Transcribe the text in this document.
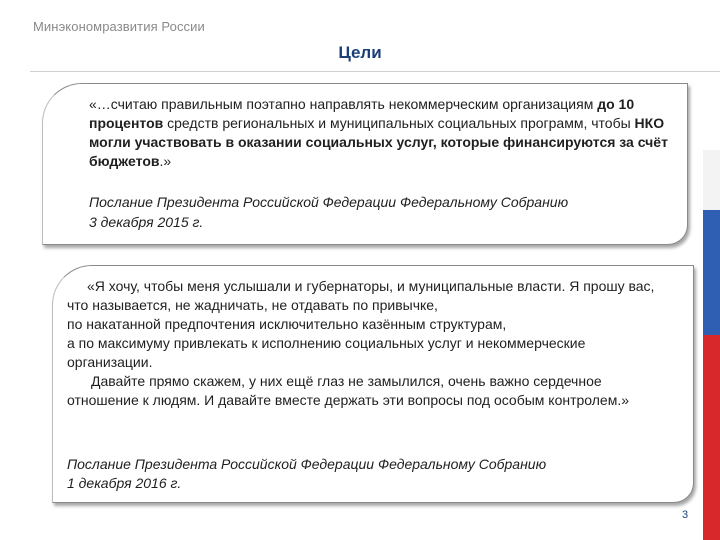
Минэкономразвития России
Цели
«…считаю правильным поэтапно направлять некоммерческим организациям до 10 процентов средств региональных и муниципальных социальных программ, чтобы НКО могли участвовать в оказании социальных услуг, которые финансируются за счёт бюджетов.»
Послание Президента Российской Федерации Федеральному Собранию
3 декабря 2015 г.

«Я хочу, чтобы меня услышали и губернаторы, и муниципальные власти. Я прошу вас, что называется, не жадничать, не отдавать по привычке,

по накатанной предпочтения исключительно казённым структурам,

а по максимуму привлекать к исполнению социальных услуг и некоммерческие организации.

Давайте прямо скажем, у них ещё глаз не замылился, очень важно сердечное отношение к людям. И давайте вместе держать эти вопросы под особым контролем.»

Послание Президента Российской Федерации Федеральному Собранию
1 декабря 2016 г.
3
